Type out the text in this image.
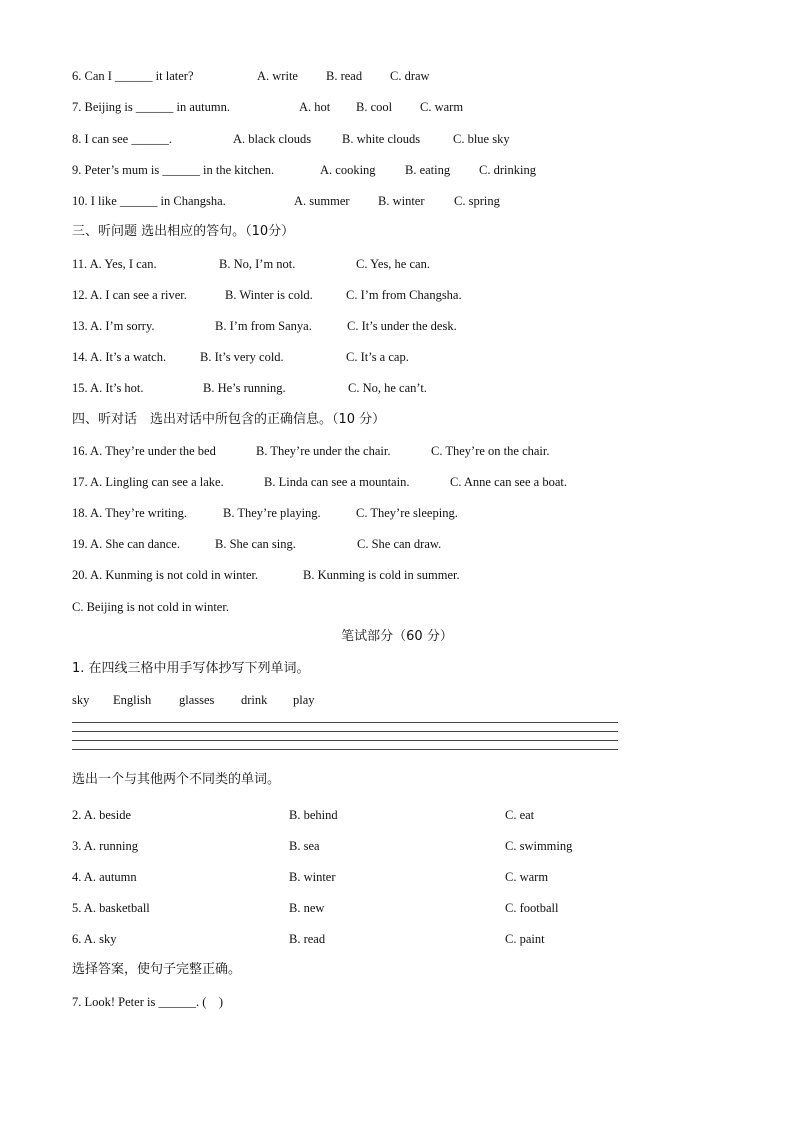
6. Can I ______ it later?	A. write B. read C. draw
7. Beijing is ______ in autumn.	A. hot B. cool C. warm
8. I can see ______.	A. black clouds B. white clouds	C. blue sky
9. Peter’s mum is ______ in the kitchen.	A. cooking B. eating C. drinking
10. I like ______ in Changsha.	A. summer B. winter C. spring
三、听问题 选出相应的答句。（10分）
11. A. Yes, I can.	B. No, I’m not.	C. Yes, he can.
12. A. I can see a river.	B. Winter is cold.	C. I’m from Changsha.
13. A. I’m sorry.	B. I’m from Sanya.	C. It’s under the desk.
14. A. It’s a watch.	B. It’s very cold.	C. It’s a cap.
15. A. It’s hot.	B. He’s running.	C. No, he can’t.
四、听对话　选出对话中所包含的正确信息。（10 分）
16. A. They’re under the bed	B. They’re under the chair.	C. They’re on the chair.
17. A. Lingling can see a lake.	B. Linda can see a mountain.	C. Anne can see a boat.
18. A. They’re writing.	B. They’re playing.	C. They’re sleeping.
19. A. She can dance.	B. She can sing.	C. She can draw.
20. A. Kunming is not cold in winter.	B. Kunming is cold in summer.
C. Beijing is not cold in winter.
笔试部分（60 分）
1. 在四线三格中用手写体抄写下列单词。
sky English glasses drink play
选出一个与其他两个不同类的单词。
2. A. beside	B. behind	C. eat
3. A. running	B. sea	C. swimming
4. A. autumn	B. winter	C. warm
5. A. basketball	B. new	C. football
6. A. sky	B. read	C. paint
选择答案，使句子完整正确。
7. Look! Peter is ______. (　)
